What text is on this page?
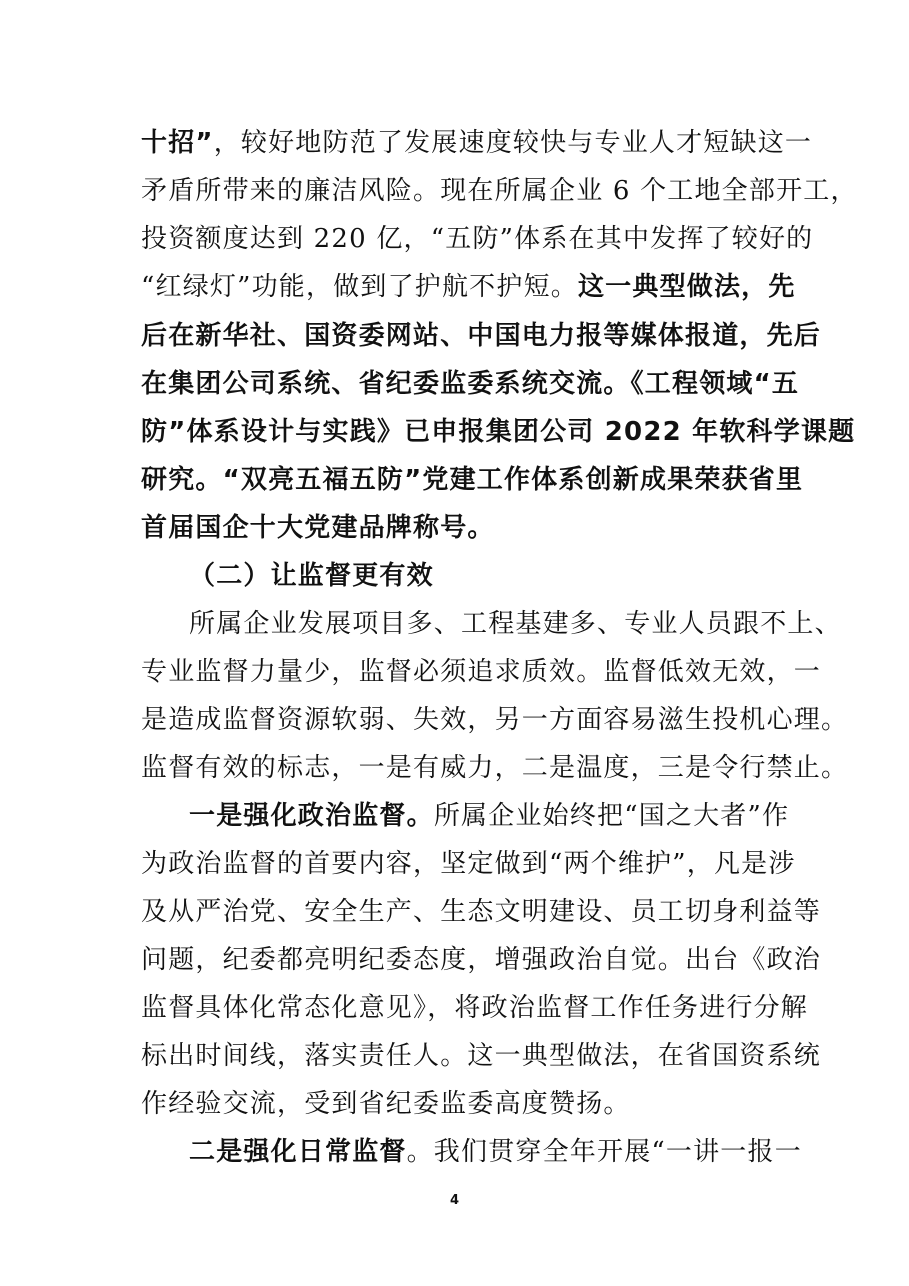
十招”，较好地防范了发展速度较快与专业人才短缺这一
矛盾所带来的廉洁风险。现在所属企业 6 个工地全部开工，
投资额度达到 220 亿，“五防”体系在其中发挥了较好的
“红绿灯”功能，做到了护航不护短。这一典型做法，先
后在新华社、国资委网站、中国电力报等媒体报道，先后
在集团公司系统、省纪委监委系统交流。《工程领域“五
防”体系设计与实践》已申报集团公司 2022 年软科学课题
研究。“双亮五福五防”党建工作体系创新成果荣获省里
首届国企十大党建品牌称号。
（二）让监督更有效
所属企业发展项目多、工程基建多、专业人员跟不上、
专业监督力量少，监督必须追求质效。监督低效无效，一
是造成监督资源软弱、失效，另一方面容易滋生投机心理。
监督有效的标志，一是有威力，二是温度，三是令行禁止。
一是强化政治监督。所属企业始终把“国之大者”作
为政治监督的首要内容，坚定做到“两个维护”，凡是涉
及从严治党、安全生产、生态文明建设、员工切身利益等
问题，纪委都亮明纪委态度，增强政治自觉。出台《政治
监督具体化常态化意见》，将政治监督工作任务进行分解
标出时间线，落实责任人。这一典型做法，在省国资系统
作经验交流，受到省纪委监委高度赞扬。
二是强化日常监督。我们贯穿全年开展“一讲一报一
4
